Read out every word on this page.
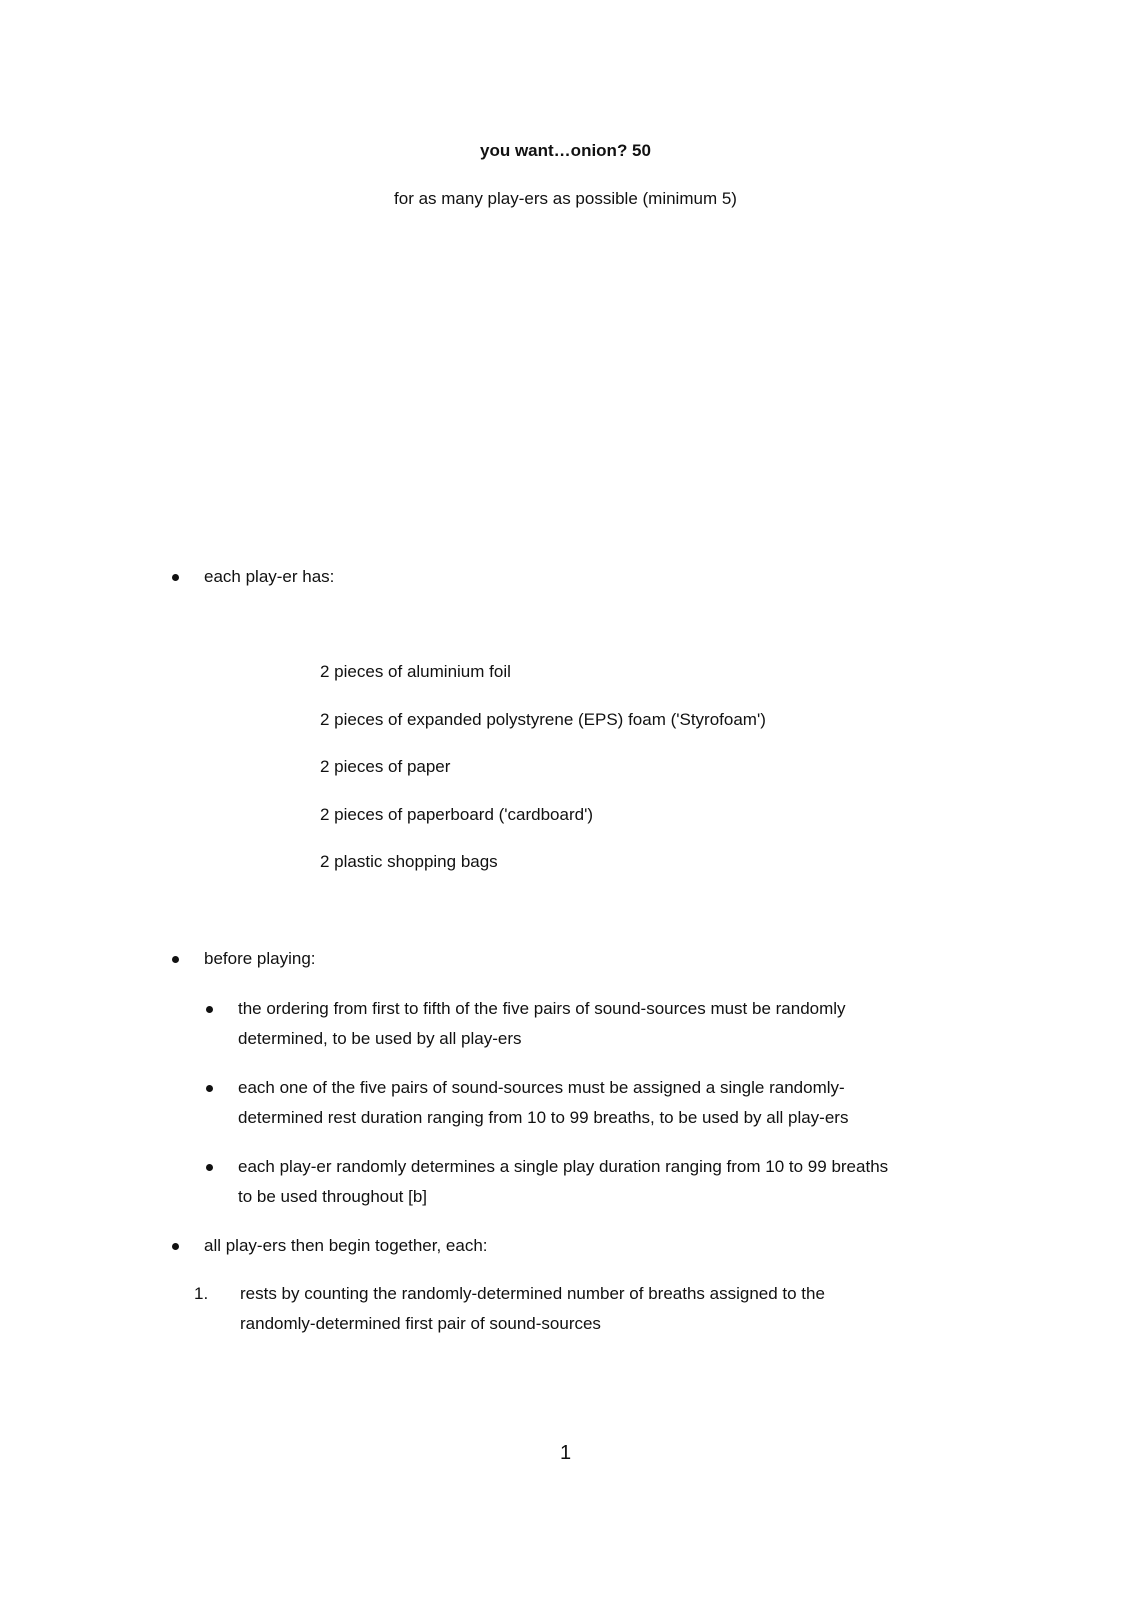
you want…onion? 50
for as many play-ers as possible (minimum 5)
each play-er has:
2 pieces of aluminium foil
2 pieces of expanded polystyrene (EPS) foam ('Styrofoam')
2 pieces of paper
2 pieces of paperboard ('cardboard')
2 plastic shopping bags
before playing:
the ordering from first to fifth of the five pairs of sound-sources must be randomly
determined, to be used by all play-ers
each one of the five pairs of sound-sources must be assigned a single randomly-
determined rest duration ranging from 10 to 99 breaths, to be used by all play-ers
each play-er randomly determines a single play duration ranging from 10 to 99 breaths
to be used throughout [b]
all play-ers then begin together, each:
1. rests by counting the randomly-determined number of breaths assigned to the
randomly-determined first pair of sound-sources
1
